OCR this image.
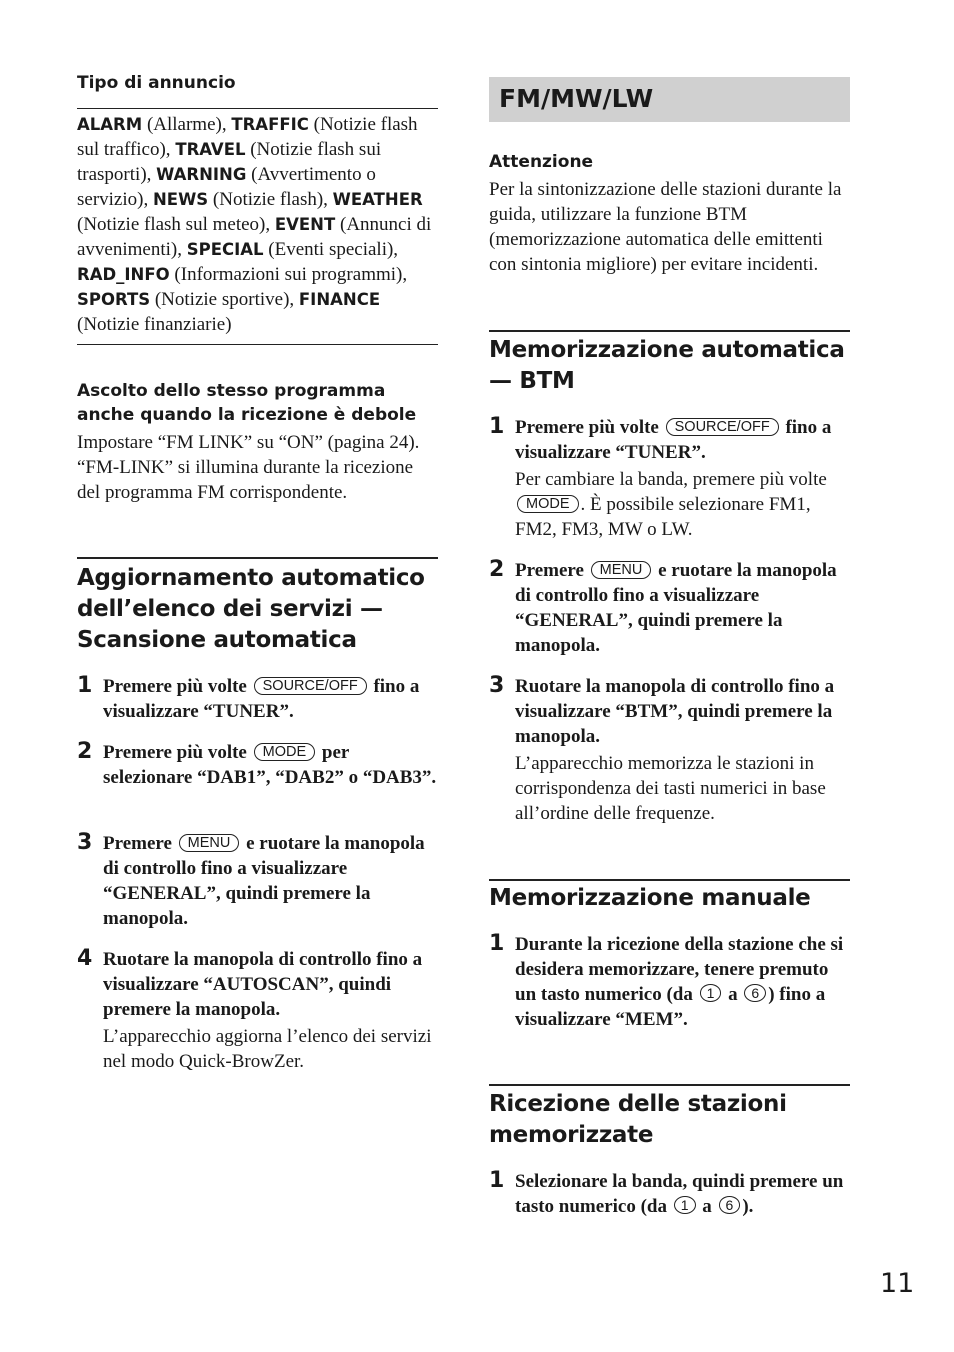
Tipo di annuncio
ALARM (Allarme), TRAFFIC (Notizie flash sul traffico), TRAVEL (Notizie flash sui trasporti), WARNING (Avvertimento o servizio), NEWS (Notizie flash), WEATHER (Notizie flash sul meteo), EVENT (Annunci di avvenimenti), SPECIAL (Eventi speciali), RAD_INFO (Informazioni sui programmi), SPORTS (Notizie sportive), FINANCE (Notizie finanziarie)
Ascolto dello stesso programma anche quando la ricezione è debole
Impostare “FM LINK” su “ON” (pagina 24). “FM-LINK” si illumina durante la ricezione del programma FM corrispondente.
Aggiornamento automatico dell’elenco dei servizi — Scansione automatica
1 Premere più volte SOURCE/OFF fino a visualizzare “TUNER”.
2 Premere più volte MODE per selezionare “DAB1”, “DAB2” o “DAB3”.
3 Premere MENU e ruotare la manopola di controllo fino a visualizzare “GENERAL”, quindi premere la manopola.
4 Ruotare la manopola di controllo fino a visualizzare “AUTOSCAN”, quindi premere la manopola.
L’apparecchio aggiorna l’elenco dei servizi nel modo Quick-BrowZer.
FM/MW/LW
Attenzione
Per la sintonizzazione delle stazioni durante la guida, utilizzare la funzione BTM (memorizzazione automatica delle emittenti con sintonia migliore) per evitare incidenti.
Memorizzazione automatica — BTM
1 Premere più volte SOURCE/OFF fino a visualizzare “TUNER”.
Per cambiare la banda, premere più volte MODE . È possibile selezionare FM1, FM2, FM3, MW o LW.
2 Premere MENU e ruotare la manopola di controllo fino a visualizzare “GENERAL”, quindi premere la manopola.
3 Ruotare la manopola di controllo fino a visualizzare “BTM”, quindi premere la manopola.
L’apparecchio memorizza le stazioni in corrispondenza dei tasti numerici in base all’ordine delle frequenze.
Memorizzazione manuale
1 Durante la ricezione della stazione che si desidera memorizzare, tenere premuto un tasto numerico (da 1 a 6 ) fino a visualizzare “MEM”.
Ricezione delle stazioni memorizzate
1 Selezionare la banda, quindi premere un tasto numerico (da 1 a 6 ).
11
